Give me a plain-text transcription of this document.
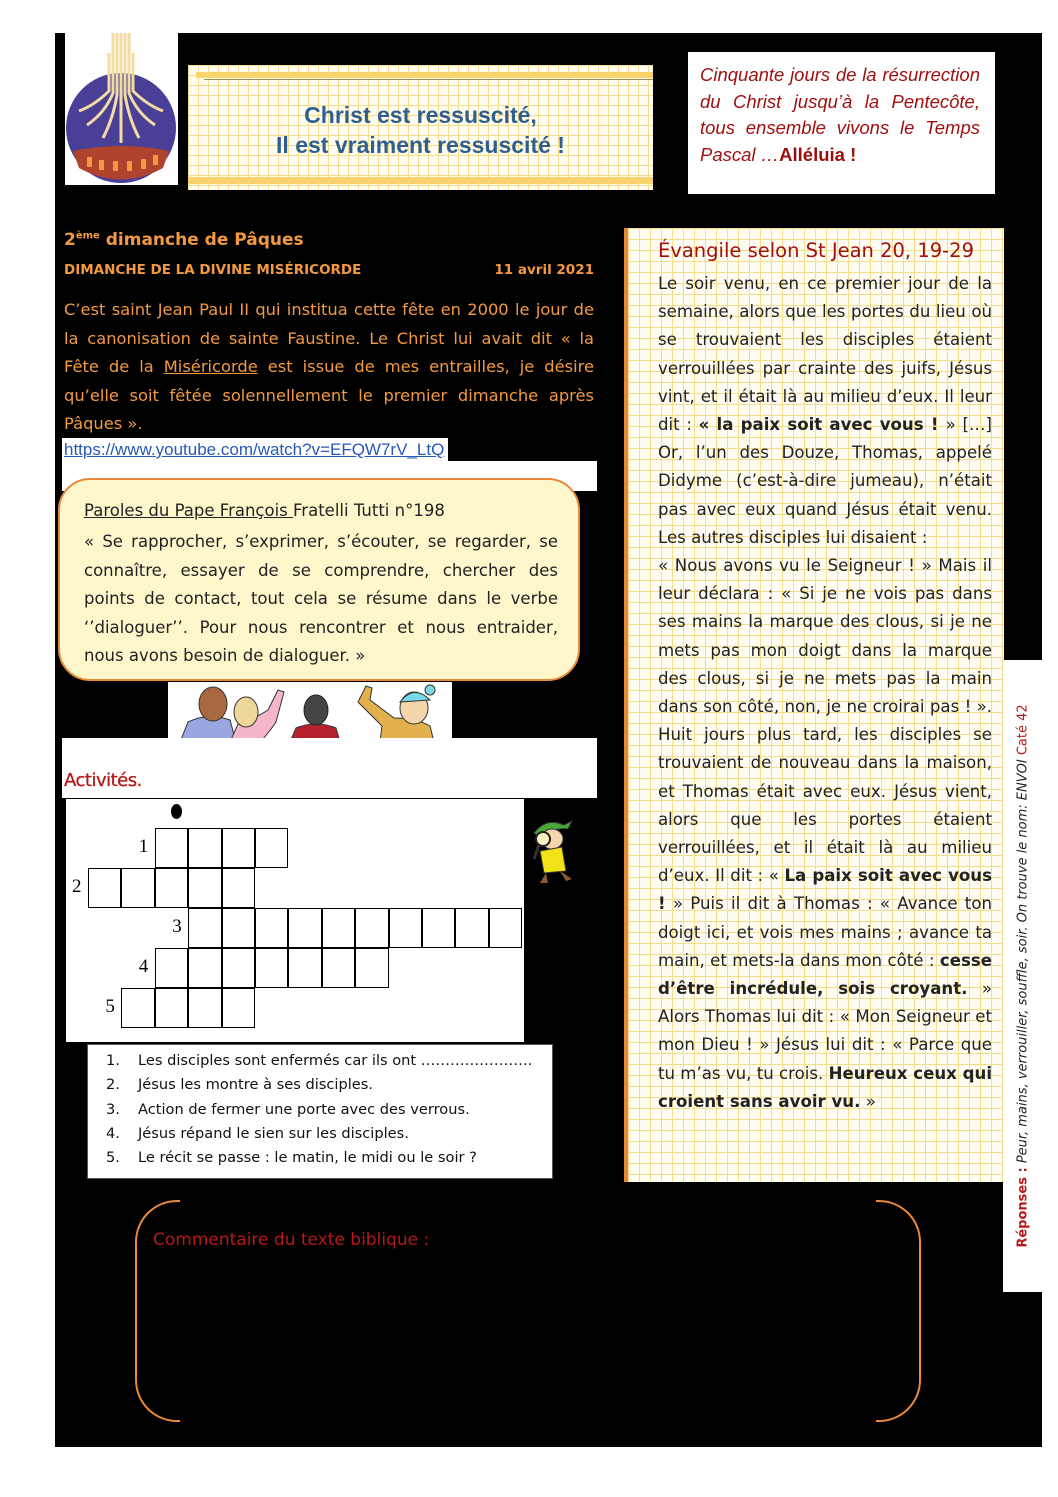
Christ est ressuscité,
Il est vraiment ressuscité !
Cinquante jours de la résurrection du Christ jusqu’à la Pentecôte, tous ensemble vivons le Temps Pascal …Alléluia !
2ème dimanche de Pâques
DIMANCHE DE LA DIVINE MISÉRICORDE	11 avril 2021
C’est saint Jean Paul II qui institua cette fête en 2000 le jour de la canonisation de sainte Faustine. Le Christ lui avait dit « la Fête de la Miséricorde est issue de mes entrailles, je désire qu’elle soit fêtée solennellement le premier dimanche après Pâques ».
https://www.youtube.com/watch?v=EFQW7rV_LtQ
Paroles du Pape François Fratelli Tutti n°198
« Se rapprocher, s’exprimer, s’écouter, se regarder, se connaître, essayer de se comprendre, chercher des points de contact, tout cela se résume dans le verbe ‘’dialoguer’’. Pour nous rencontrer et nous entraider, nous avons besoin de dialoguer. »
Activités.
1
2
3
4
5
1.	Les disciples sont enfermés car ils ont …………………..
2.	Jésus les montre à ses disciples.
3.	Action de fermer une porte avec des verrous.
4.	Jésus répand le sien sur les disciples.
5.	Le récit se passe : le matin, le midi ou le soir ?
Évangile selon St Jean 20, 19-29
Le soir venu, en ce premier jour de la semaine, alors que les portes du lieu où se trouvaient les disciples étaient verrouillées par crainte des juifs, Jésus vint, et il était là au milieu d’eux. Il leur dit : « la paix soit avec vous ! » […] Or, l’un des Douze, Thomas, appelé Didyme (c’est-à-dire jumeau), n’était pas avec eux quand Jésus était venu. Les autres disciples lui disaient :
« Nous avons vu le Seigneur ! » Mais il leur déclara : « Si je ne vois pas dans ses mains la marque des clous, si je ne mets pas mon doigt dans la marque des clous, si je ne mets pas la main dans son côté, non, je ne croirai pas ! ». Huit jours plus tard, les disciples se trouvaient de nouveau dans la maison, et Thomas était avec eux. Jésus vient, alors que les portes étaient verrouillées, et il était là au milieu d’eux. Il dit : « La paix soit avec vous ! » Puis il dit à Thomas : « Avance ton doigt ici, et vois mes mains ; avance ta main, et mets-la dans mon côté : cesse d’être incrédule, sois croyant. » Alors Thomas lui dit : « Mon Seigneur et mon Dieu ! » Jésus lui dit : « Parce que tu m’as vu, tu crois. Heureux ceux qui croient sans avoir vu. »
Réponses : Peur, mains, verrouiller, souffle, soir. On trouve le nom: ENVOI Caté 42
Commentaire du texte biblique :
